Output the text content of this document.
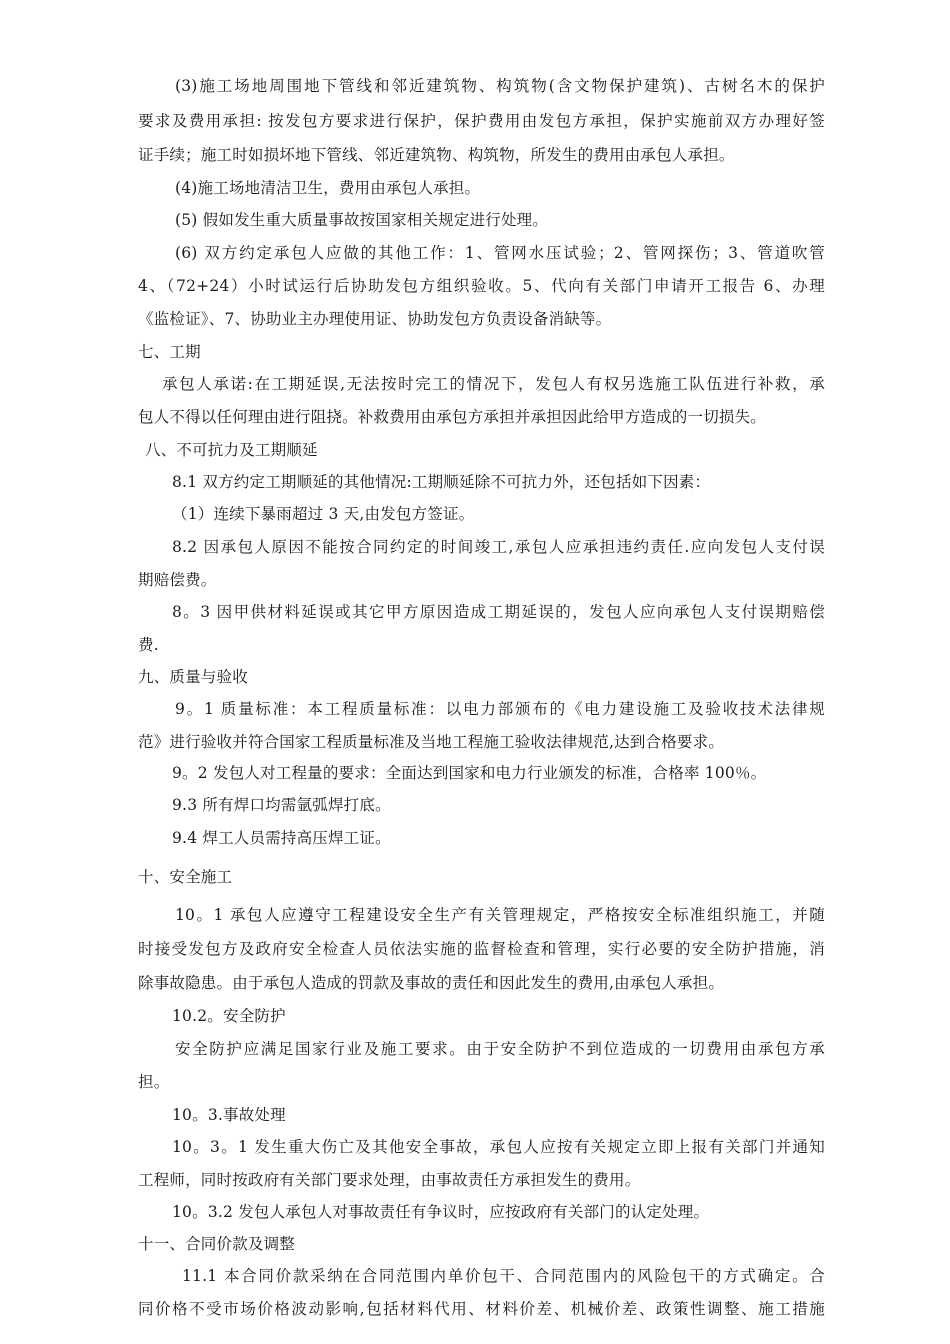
(3)施工场地周围地下管线和邻近建筑物、构筑物(含文物保护建筑)、古树名木的保护
要求及费用承担: 按发包方要求进行保护，保护费用由发包方承担，保护实施前双方办理好签
证手续；施工时如损坏地下管线、邻近建筑物、构筑物，所发生的费用由承包人承担。
(4)施工场地清洁卫生，费用由承包人承担。
(5) 假如发生重大质量事故按国家相关规定进行处理。
(6) 双方约定承包人应做的其他工作：1、管网水压试验；2、管网探伤；3、管道吹管
4、（72+24）小时试运行后协助发包方组织验收。5、代向有关部门申请开工报告 6、办理
《监检证》、7、协助业主办理使用证、协助发包方负责设备消缺等。
七、工期
承包人承诺:在工期延误,无法按时完工的情况下，发包人有权另选施工队伍进行补救，承
包人不得以任何理由进行阻挠。补救费用由承包方承担并承担因此给甲方造成的一切损失。
八、不可抗力及工期顺延
8.1 双方约定工期顺延的其他情况:工期顺延除不可抗力外，还包括如下因素：
（1）连续下暴雨超过 3 天,由发包方签证。
8.2 因承包人原因不能按合同约定的时间竣工,承包人应承担违约责任.应向发包人支付误
期赔偿费。
8。3 因甲供材料延误或其它甲方原因造成工期延误的，发包人应向承包人支付误期赔偿
费.
九、质量与验收
9。1 质量标准：本工程质量标准：以电力部颁布的《电力建设施工及验收技术法律规
范》进行验收并符合国家工程质量标准及当地工程施工验收法律规范,达到合格要求。
9。2 发包人对工程量的要求：全面达到国家和电力行业颁发的标准，合格率 100％。
9.3 所有焊口均需氩弧焊打底。
9.4 焊工人员需持高压焊工证。
十、安全施工
10。1 承包人应遵守工程建设安全生产有关管理规定，严格按安全标准组织施工，并随
时接受发包方及政府安全检查人员依法实施的监督检查和管理，实行必要的安全防护措施，消
除事故隐患。由于承包人造成的罚款及事故的责任和因此发生的费用,由承包人承担。
10.2。安全防护
安全防护应满足国家行业及施工要求。由于安全防护不到位造成的一切费用由承包方承
担。
10。3.事故处理
10。3。1 发生重大伤亡及其他安全事故，承包人应按有关规定立即上报有关部门并通知
工程师，同时按政府有关部门要求处理，由事故责任方承担发生的费用。
10。3.2 发包人承包人对事故责任有争议时，应按政府有关部门的认定处理。
十一、合同价款及调整
11.1 本合同价款采纳在合同范围内单价包干、合同范围内的风险包干的方式确定。合
同价格不受市场价格波动影响,包括材料代用、材料价差、机械价差、政策性调整、施工措施
